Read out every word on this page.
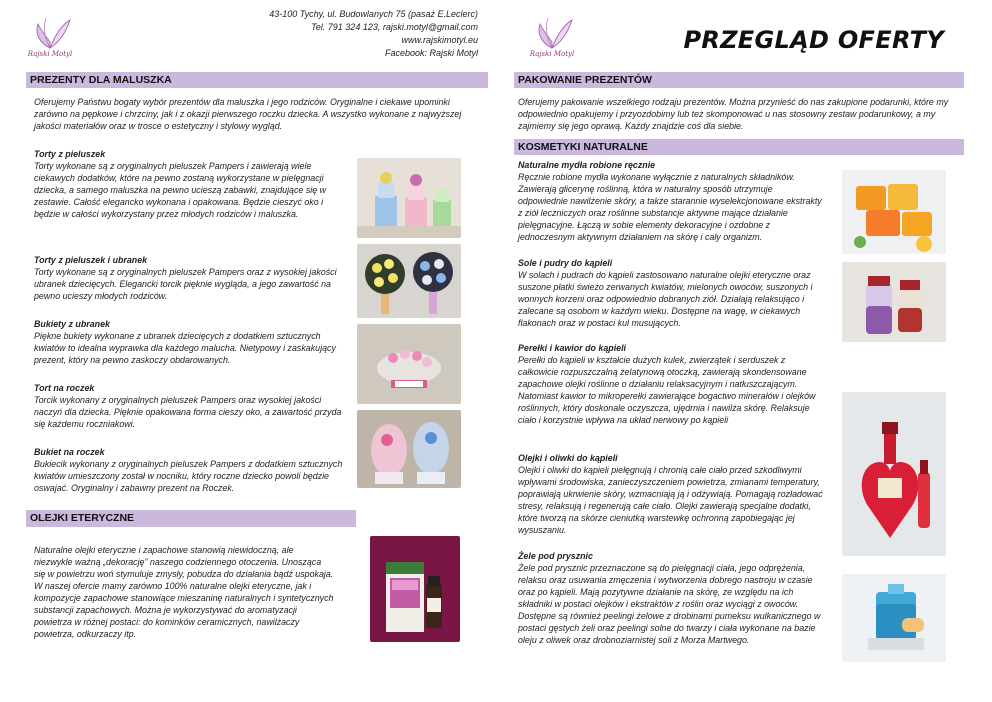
Rajski Motyl
43-100 Tychy, ul. Budowlanych 75 (pasaż E.Leclerc)
Tel. 791 324 123, rajski.motyl@gmail.com
www.rajskimotyl.eu
Facebook: Rajski Motyl
PREZENTY DLA MALUSZKA
Oferujemy Państwu bogaty wybór prezentów dla maluszka i jego rodziców. Oryginalne i ciekawe upominki zarówno na pępkowe i chrzciny, jak i z okazji pierwszego roczku dziecka. A wszystko wykonane z najwyższej jakości materiałów oraz w trosce o estetyczny i stylowy wygląd.
Torty z pieluszek
Torty wykonane są z oryginalnych pieluszek Pampers i zawierają wiele ciekawych dodatków, które na pewno zostaną wykorzystane w pielęgnacji dziecka, a samego maluszka na pewno ucieszą zabawki, znajdujące się w zestawie. Całość elegancko wykonana i opakowana. Będzie cieszyć oko i będzie w całości wykorzystany przez młodych rodziców i maluszka.
Torty z pieluszek i ubranek
Torty wykonane są z oryginalnych pieluszek Pampers oraz z wysokiej jakości ubranek dziecięcych. Elegancki torcik pięknie wygląda, a jego zawartość na pewno ucieszy młodych rodziców.
Bukiety z ubranek
Piękne bukiety wykonane z ubranek dziecięcych z dodatkiem sztucznych kwiatów to idealna wyprawka dla każdego malucha. Nietypowy i zaskakujący prezent, który na pewno zaskoczy obdarowanych.
Tort na roczek
Torcik wykonany z oryginalnych pieluszek Pampers oraz wysokiej jakości naczyń dla dziecka. Pięknie opakowana forma cieszy oko, a zawartość przyda się każdemu roczniakowi.
Bukiet na roczek
Bukiecik wykonany z oryginalnych pieluszek Pampers z dodatkiem sztucznych kwiatów umieszczony został w nocniku, który roczne dziecko powoli będzie oswajać. Oryginalny i zabawny prezent na Roczek.
OLEJKI ETERYCZNE
Naturalne olejki eteryczne i zapachowe stanowią niewidoczną, ale niezwykle ważną „dekorację” naszego codziennego otoczenia. Unosząca się w powietrzu woń stymuluje zmysły, pobudza do działania bądź uspokaja. W naszej ofercie mamy zarówno 100% naturalne olejki eteryczne, jak i kompozycje zapachowe stanowiące mieszaninę naturalnych i syntetycznych substancji zapachowych. Można je wykorzystywać do aromatyzacji powietrza w różnej postaci: do kominków ceramicznych, nawilżaczy powietrza, odkurzaczy itp.
Rajski Motyl	PRZEGLĄD OFERTY
PAKOWANIE PREZENTÓW
Oferujemy pakowanie wszelkiego rodzaju prezentów. Można przynieść do nas zakupione podarunki, które my odpowiednio opakujemy i przyozdobimy lub też skomponować u nas stosowny zestaw podarunkowy, a my zajmiemy się jego oprawą. Każdy znajdzie coś dla siebie.
KOSMETYKI NATURALNE
Naturalne mydła robione ręcznie
Ręcznie robione mydła wykonane wyłącznie z naturalnych składników. Zawierają glicerynę roślinną, która w naturalny sposób utrzymuje odpowiednie nawilżenie skóry, a także starannie wyselekcjonowane ekstrakty z ziół leczniczych oraz roślinne substancje aktywne mające działanie pielęgnacyjne. Łączą w sobie elementy dekoracyjne i ozdobne z jednoczesnym aktywnym działaniem na skórę i cały organizm.
Sole i pudry do kąpieli
W solach i pudrach do kąpieli zastosowano naturalne olejki eteryczne oraz suszone płatki świeżo zerwanych kwiatów, mielonych owoców, suszonych i wonnych korzeni oraz odpowiednio dobranych ziół. Działają relaksująco i zalecane są osobom w każdym wieku. Dostępne na wagę, w ciekawych flakonach oraz w postaci kul musujących.
Perełki i kawior do kąpieli
Perełki do kąpieli w kształcie dużych kulek, zwierzątek i serduszek z całkowicie rozpuszczalną żelatynową otoczką, zawierają skondensowane zapachowe olejki roślinne o działaniu relaksacyjnym i natłuszczającym. Natomiast kawior to mikroperełki zawierające bogactwo minerałów i olejków roślinnych, który doskonale oczyszcza, ujędrnia i nawilża skórę. Relaksuje ciało i korzystnie wpływa na układ nerwowy po kąpieli
Olejki i oliwki do kąpieli
Olejki i oliwki do kąpieli pielęgnują i chronią całe ciało przed szkodliwymi wpływami środowiska, zanieczyszczeniem powietrza, zmianami temperatury, poprawiają ukrwienie skóry, wzmacniają ją i odżywiają. Pomagają rozładować stresy, relaksują i regenerują całe ciało. Olejki zawierają specjalne dodatki, które tworzą na skórze cieniutką warstewkę ochronną zapobiegając jej wysuszaniu.
Żele pod prysznic
Żele pod prysznic przeznaczone są do pielęgnacji ciała, jego odprężenia, relaksu oraz usuwania zmęczenia i wytworzenia dobrego nastroju w czasie oraz po kąpieli. Mają pozytywne działanie na skórę, ze względu na ich składniki w postaci olejków i ekstraktów z roślin oraz wyciągi z owoców. Dostępne są również peelingi żelowe z drobinami pumeksu wulkanicznego w postaci gęstych żeli oraz peelingi solne do twarzy i ciała wykonane na bazie oleju z oliwek oraz drobnoziarnistej soli z Morza Martwego.
